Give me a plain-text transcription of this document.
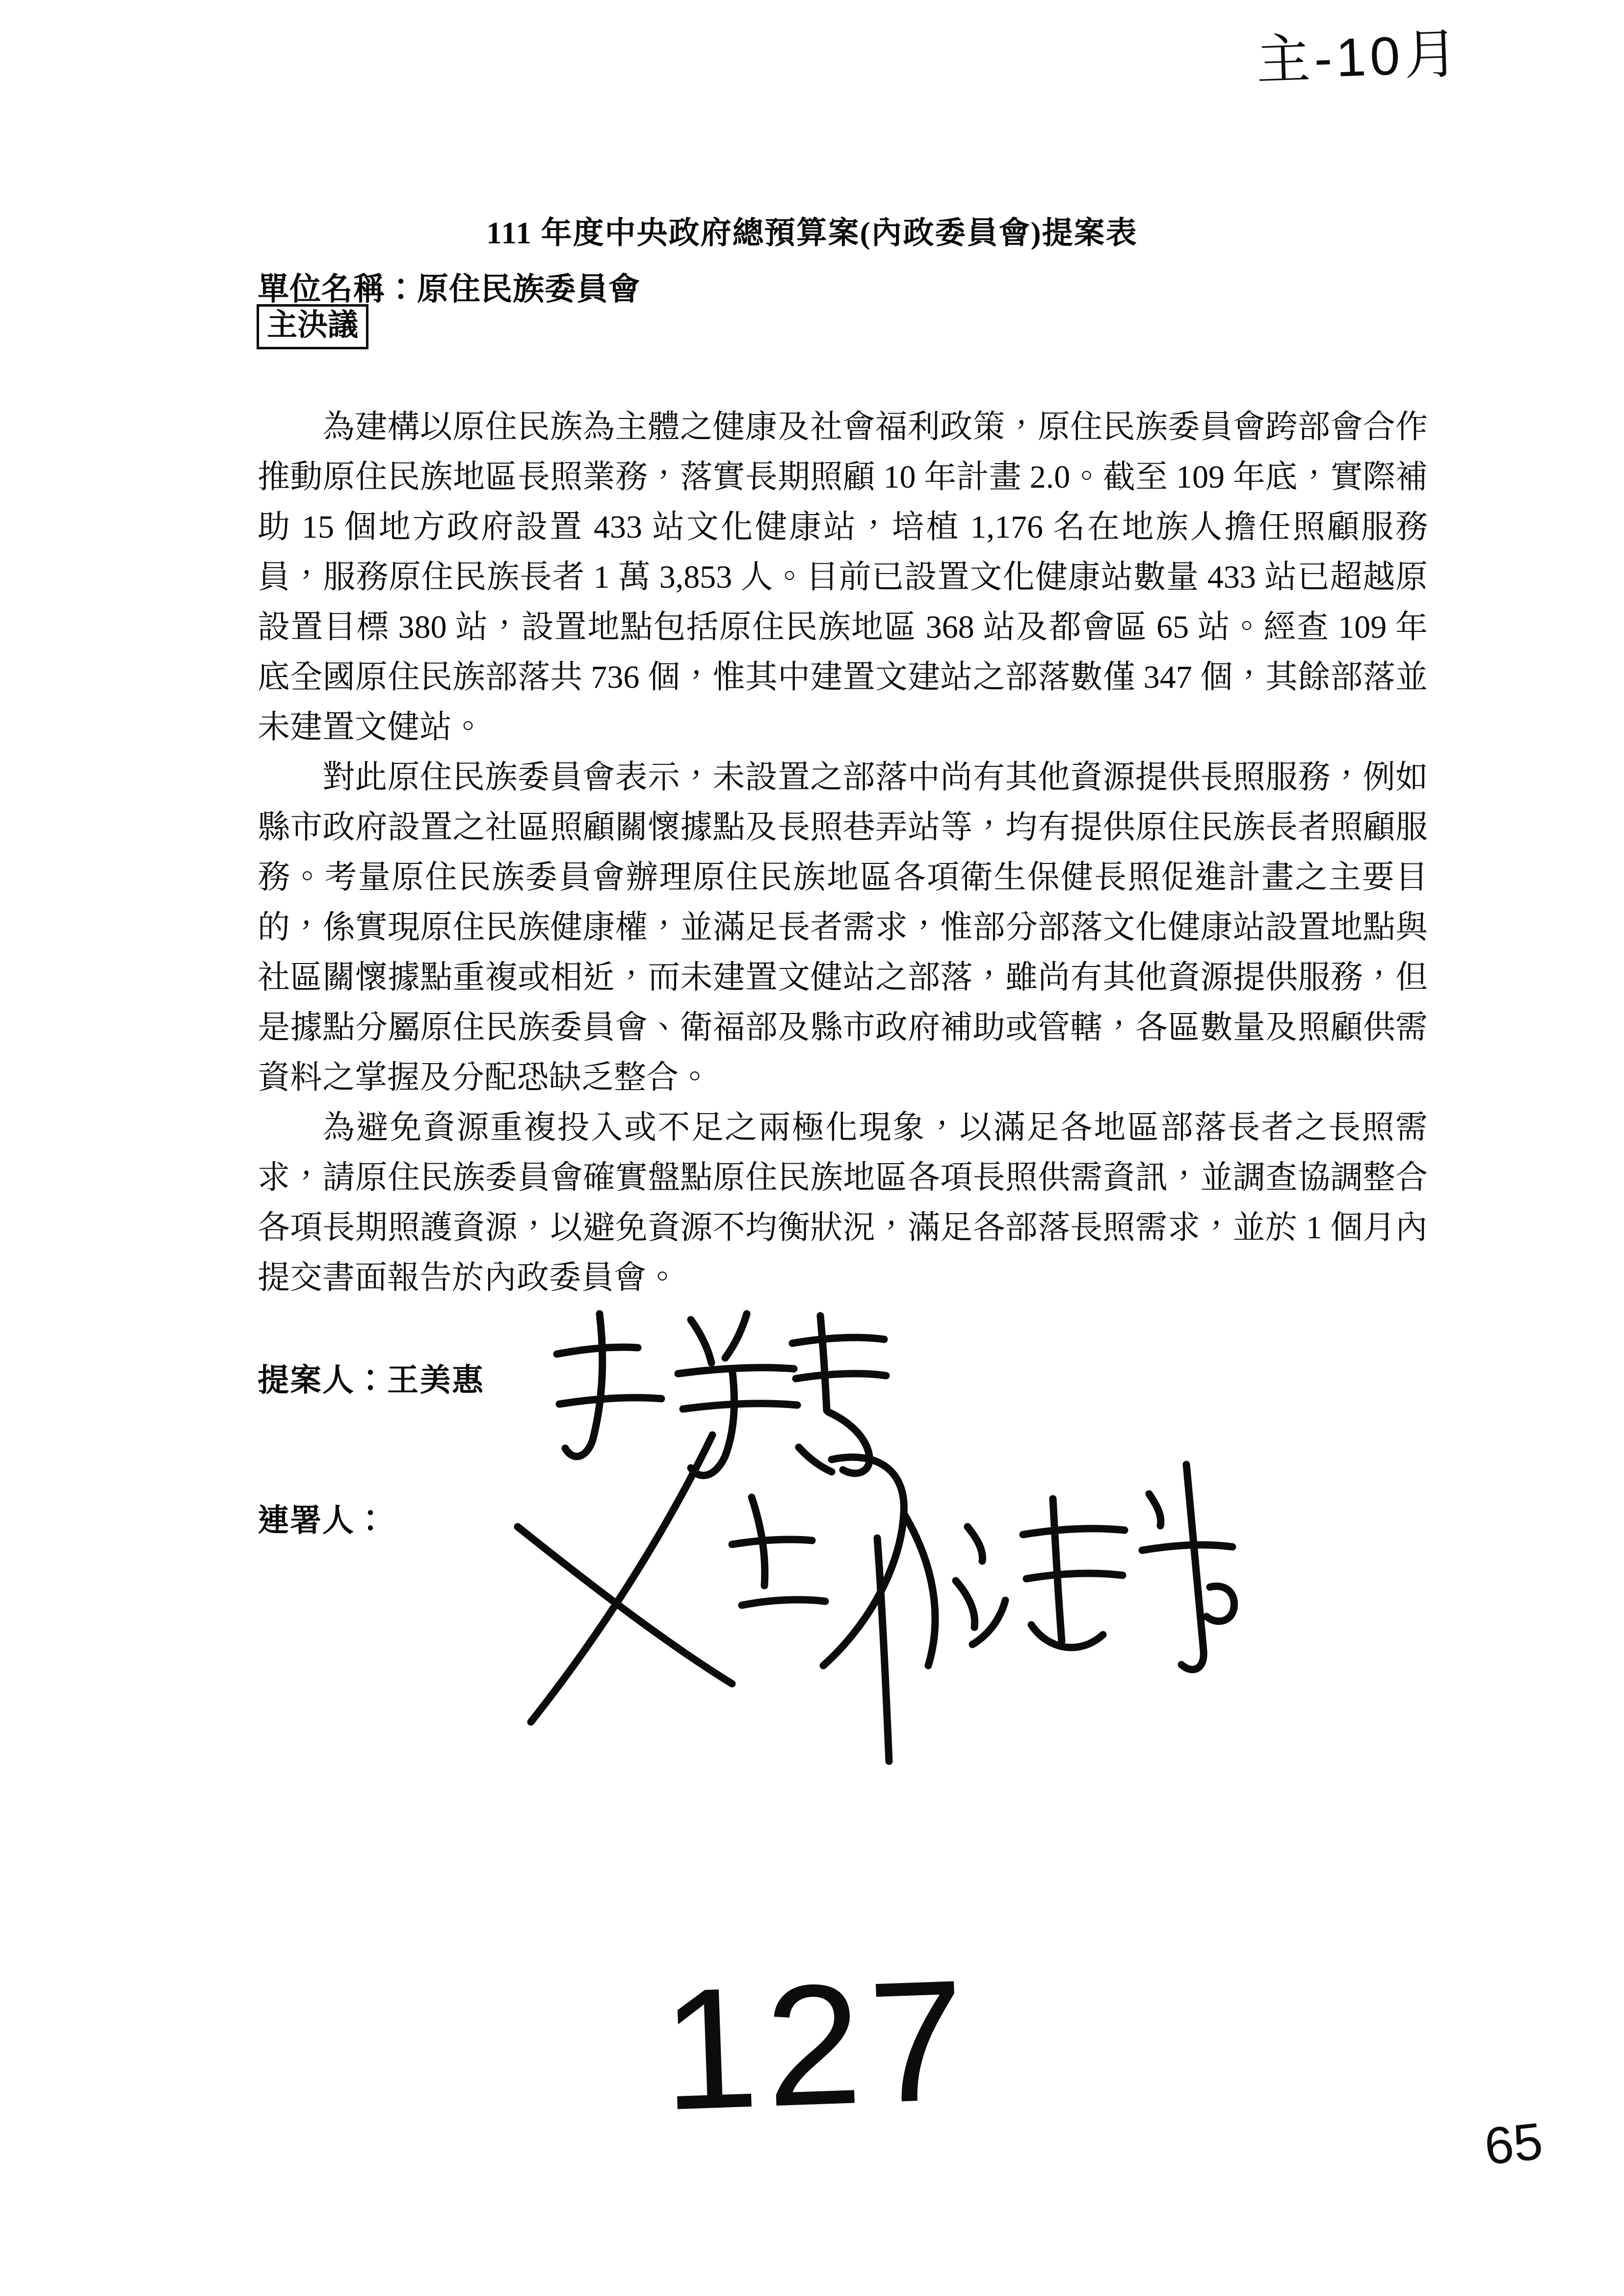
主-10月
111 年度中央政府總預算案(內政委員會)提案表
單位名稱：原住民族委員會
主決議

為建構以原住民族為主體之健康及社會福利政策，原住民族委員會跨部會合作推動原住民族地區長照業務，落實長期照顧 10 年計畫 2.0。截至 109 年底，實際補助 15 個地方政府設置 433 站文化健康站，培植 1,176 名在地族人擔任照顧服務員，服務原住民族長者 1 萬 3,853 人。目前已設置文化健康站數量 433 站已超越原設置目標 380 站，設置地點包括原住民族地區 368 站及都會區 65 站。經查 109 年底全國原住民族部落共 736 個，惟其中建置文建站之部落數僅 347 個，其餘部落並未建置文健站。

對此原住民族委員會表示，未設置之部落中尚有其他資源提供長照服務，例如縣市政府設置之社區照顧關懷據點及長照巷弄站等，均有提供原住民族長者照顧服務。考量原住民族委員會辦理原住民族地區各項衛生保健長照促進計畫之主要目的，係實現原住民族健康權，並滿足長者需求，惟部分部落文化健康站設置地點與社區關懷據點重複或相近，而未建置文健站之部落，雖尚有其他資源提供服務，但是據點分屬原住民族委員會、衛福部及縣市政府補助或管轄，各區數量及照顧供需資料之掌握及分配恐缺乏整合。

為避免資源重複投入或不足之兩極化現象，以滿足各地區部落長者之長照需求，請原住民族委員會確實盤點原住民族地區各項長照供需資訊，並調查協調整合各項長期照護資源，以避免資源不均衡狀況，滿足各部落長照需求，並於 1 個月內提交書面報告於內政委員會。

提案人：王美惠
連署人：
127	65
